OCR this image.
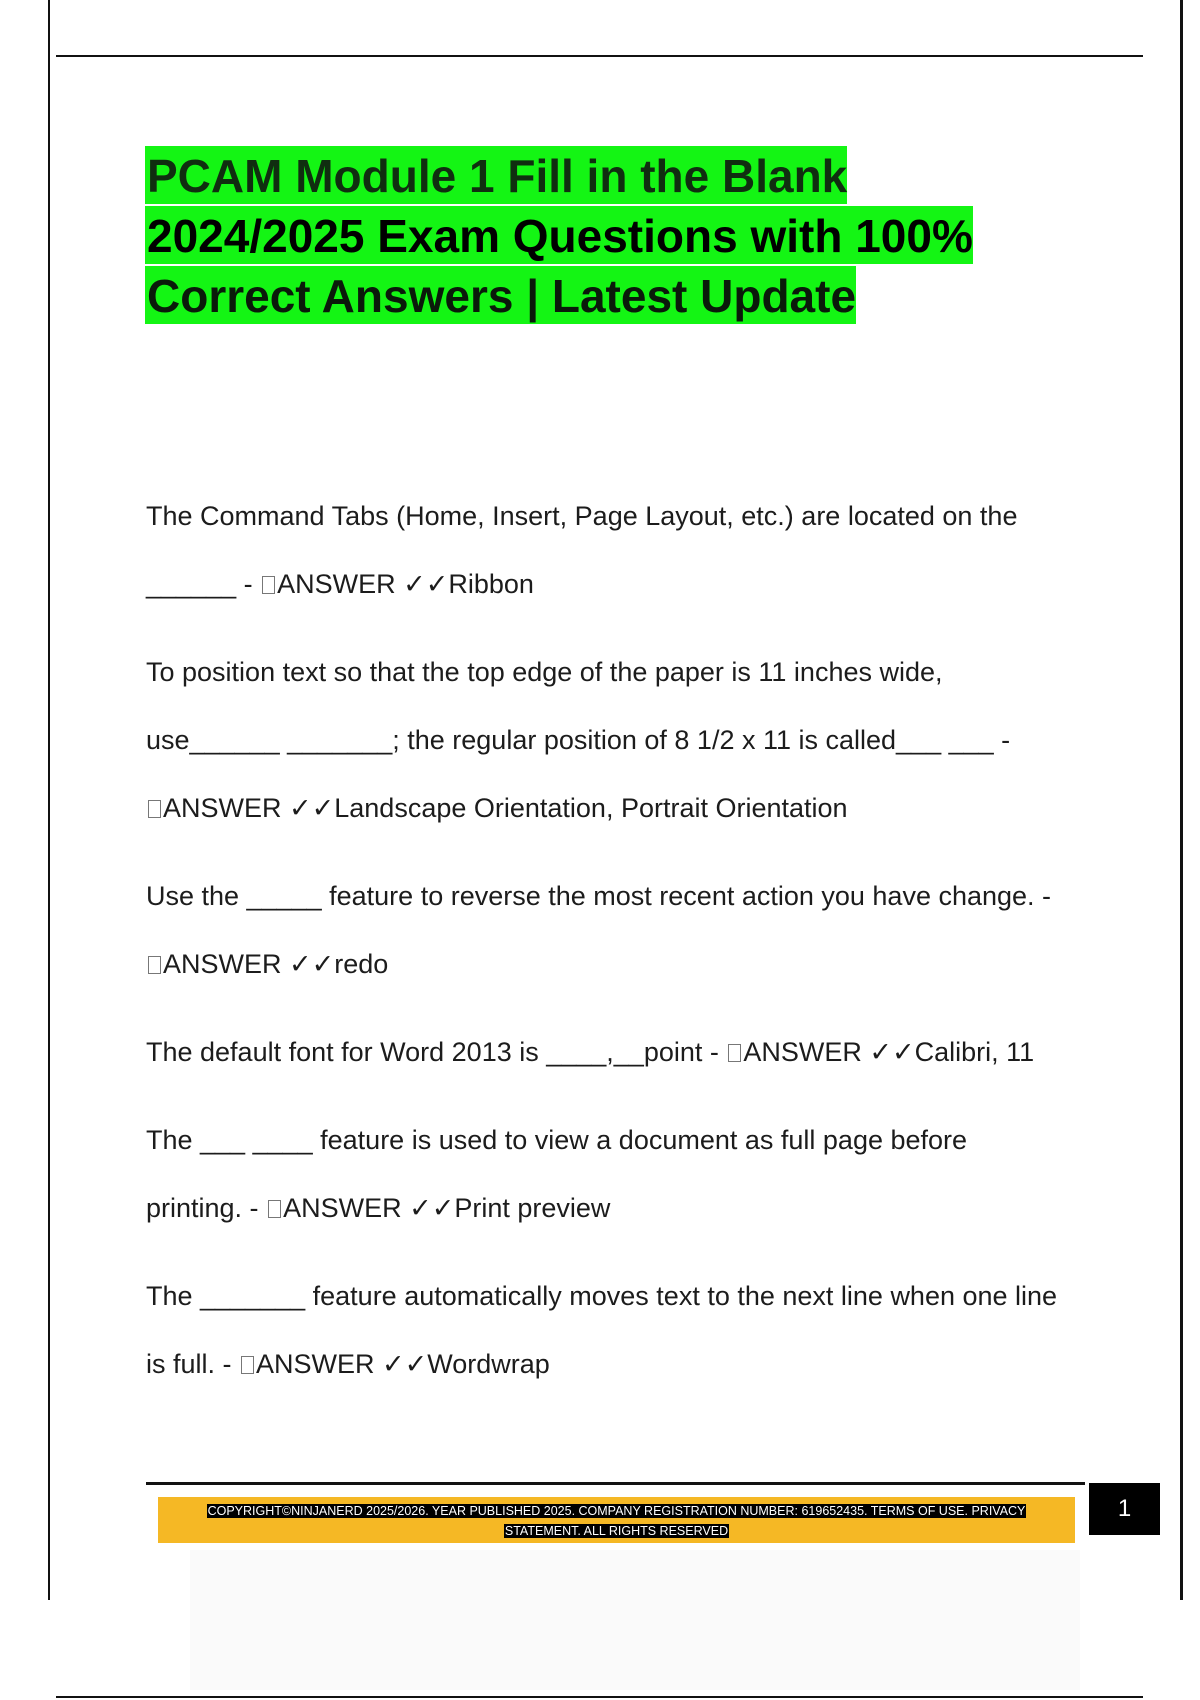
PCAM Module 1 Fill in the Blank
2024/2025 Exam Questions with 100%
Correct Answers | Latest Update
The Command Tabs (Home, Insert, Page Layout, etc.) are located on the
______ - ANSWER ✓✓Ribbon
To position text so that the top edge of the paper is 11 inches wide,
use______ _______; the regular position of 8 1/2 x 11 is called___ ___ -
ANSWER ✓✓Landscape Orientation, Portrait Orientation
Use the _____ feature to reverse the most recent action you have change. -
ANSWER ✓✓redo
The default font for Word 2013 is ____,__point - ANSWER ✓✓Calibri, 11
The ___ ____ feature is used to view a document as full page before
printing. - ANSWER ✓✓Print preview
The _______ feature automatically moves text to the next line when one line
is full. - ANSWER ✓✓Wordwrap
COPYRIGHT©NINJANERD 2025/2026. YEAR PUBLISHED 2025. COMPANY REGISTRATION NUMBER: 619652435. TERMS OF USE. PRIVACY
STATEMENT. ALL RIGHTS RESERVED
1
